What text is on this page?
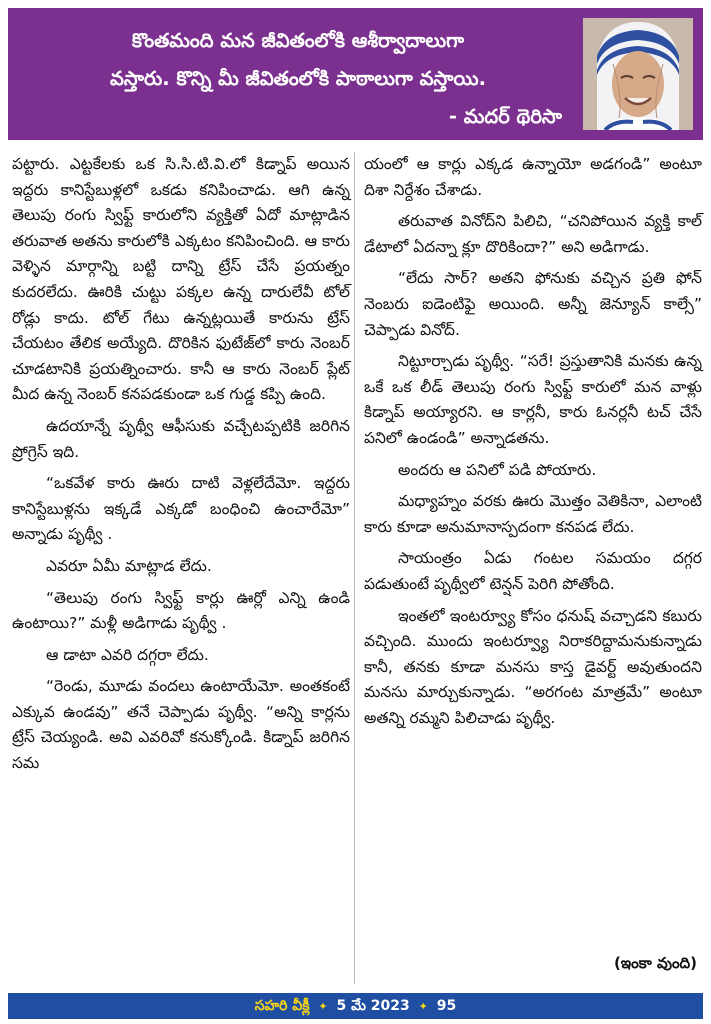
కొంతమంది మన జీవితంలోకి ఆశీర్వాదాలుగా
వస్తారు. కొన్ని మీ జీవితంలోకి పాఠాలుగా వస్తాయి.
- మదర్ థెరిసా

పట్టారు. ఎట్టకేలకు ఒక సి.సి.టి.వి.లో కిడ్నాప్ అయిన ఇద్దరు కానిస్టేబుళ్లలో ఒకడు కనిపించాడు. ఆగి ఉన్న తెలుపు రంగు స్విఫ్ట్ కారులోని వ్యక్తితో ఏదో మాట్లాడిన తరువాత అతను కారులోకి ఎక్కటం కనిపించింది. ఆ కారు వెళ్ళిన మార్గాన్ని బట్టి దాన్ని ట్రేస్ చేసే ప్రయత్నం కుదరలేదు. ఊరికి చుట్టు పక్కల ఉన్న దారులేవీ టోల్ రోడ్లు కాదు. టోల్ గేటు ఉన్నట్లయితే కారును ట్రేస్ చేయటం తేలిక అయ్యేది. దొరికిన ఫుటేజ్‌లో కారు నెంబర్ చూడటానికి ప్రయత్నించారు. కానీ ఆ కారు నెంబర్ ప్లేట్ మీద ఉన్న నెంబర్ కనపడకుండా ఒక గుడ్డ కప్పి ఉంది.

ఉదయాన్నే పృథ్వీ ఆఫీసుకు వచ్చేటప్పటికి జరిగిన ప్రోగ్రెస్ ఇది.

“ఒకవేళ కారు ఊరు దాటి వెళ్లలేదేమో. ఇద్దరు కానిస్టేబుళ్లను ఇక్కడే ఎక్కడో బంధించి ఉంచారేమో” అన్నాడు పృథ్వీ .

ఎవరూ ఏమీ మాట్లాడ లేదు.

“తెలుపు రంగు స్విఫ్ట్ కార్లు ఊర్లో ఎన్ని ఉండి ఉంటాయి?” మళ్లీ అడిగాడు పృథ్వీ .

ఆ డాటా ఎవరి దగ్గరా లేదు.

“రెండు, మూడు వందలు ఉంటాయేమో. అంతకంటే ఎక్కువ ఉండవు” తనే చెప్పాడు పృథ్వీ. “అన్ని కార్లను ట్రేస్ చెయ్యండి. అవి ఎవరివో కనుక్కోండి. కిడ్నాప్ జరిగిన సమ

యంలో ఆ కార్లు ఎక్కడ ఉన్నాయో అడగండి” అంటూ దిశా నిర్దేశం చేశాడు.

తరువాత వినోద్‌ని పిలిచి, “చనిపోయిన వ్యక్తి కాల్ డేటాలో ఏదన్నా క్లూ దొరికిందా?” అని అడిగాడు.

“లేదు సార్? అతని ఫోనుకు వచ్చిన ప్రతి ఫోన్ నెంబరు ఐడెంటిఫై అయింది. అన్నీ జెన్యూన్ కాల్సే” చెప్పాడు వినోద్.

నిట్టూర్చాడు పృథ్వీ. “సరే! ప్రస్తుతానికి మనకు ఉన్న ఒకే ఒక లీడ్ తెలుపు రంగు స్విఫ్ట్ కారులో మన వాళ్లు కిడ్నాప్ అయ్యారని. ఆ కార్లనీ, కారు ఓనర్లనీ టచ్ చేసే పనిలో ఉండండి” అన్నాడతను.

అందరు ఆ పనిలో పడి పోయారు.

మధ్యాహ్నం వరకు ఊరు మొత్తం వెతికినా, ఎలాంటి కారు కూడా అనుమానాస్పదంగా కనపడ లేదు.

సాయంత్రం ఏడు గంటల సమయం దగ్గర పడుతుంటే పృథ్వీలో టెన్షన్ పెరిగి పోతోంది.

ఇంతలో ఇంటర్వ్యూ కోసం ధనుష్ వచ్చాడని కబురు వచ్చింది. ముందు ఇంటర్వ్యూ నిరాకరిద్దామనుకున్నాడు కానీ, తనకు కూడా మనసు కాస్త డైవర్ట్ అవుతుందని మనసు మార్చుకున్నాడు. “అరగంట మాత్రమే” అంటూ అతన్ని రమ్మని పిలిచాడు పృథ్వీ.

(ఇంకా వుంది)
సహరి వీక్లీ ✦ 5 మే 2023 ✦ 95
